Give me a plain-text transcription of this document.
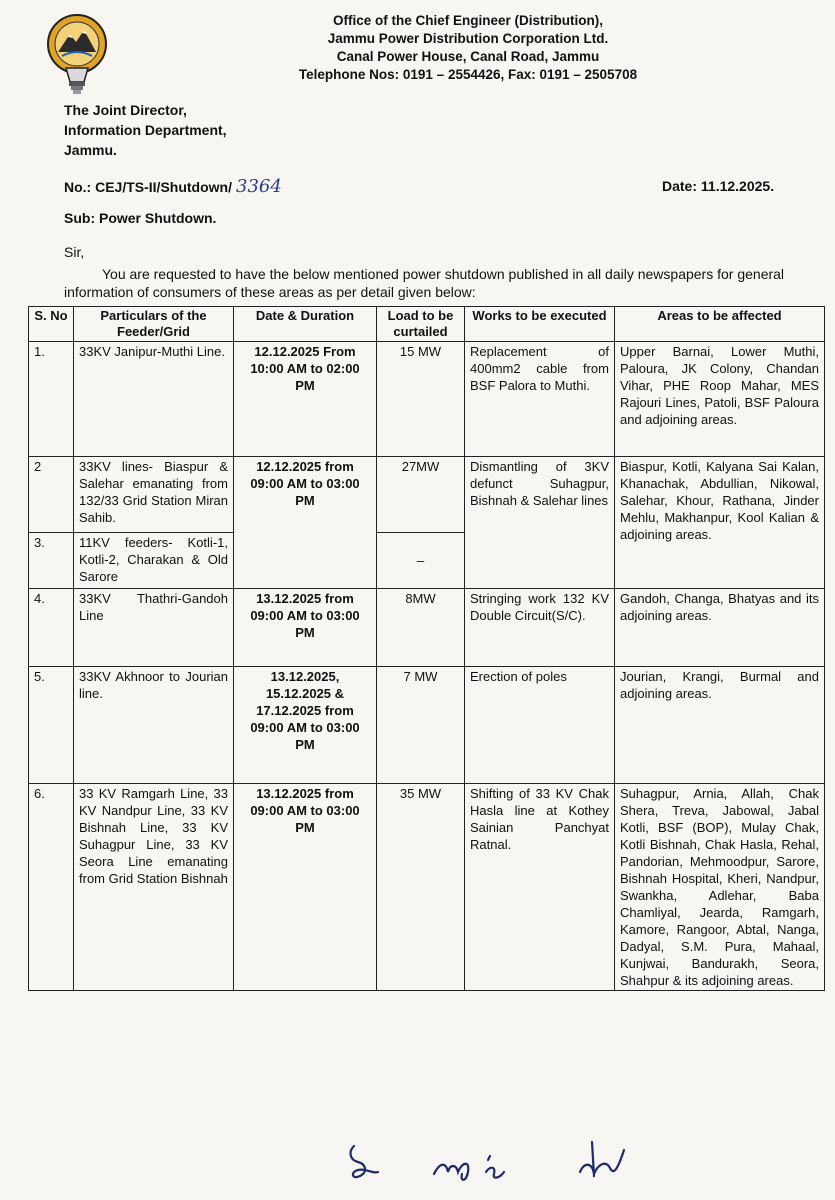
Office of the Chief Engineer (Distribution),
Jammu Power Distribution Corporation Ltd.
Canal Power House, Canal Road, Jammu
Telephone Nos: 0191 – 2554426, Fax: 0191 – 2505708
The Joint Director,
Information Department,
Jammu.
No.: CEJ/TS-II/Shutdown/ 3364	Date: 11.12.2025.
Sub: Power Shutdown.
Sir,
You are requested to have the below mentioned power shutdown published in all daily newspapers for general information of consumers of these areas as per detail given below:
S. No	Particulars of the Feeder/Grid	Date & Duration	Load to be curtailed	Works to be executed	Areas to be affected
1.	33KV Janipur-Muthi Line.	12.12.2025 From 10:00 AM to 02:00 PM	15 MW	Replacement of 400mm2 cable from BSF Palora to Muthi.	Upper Barnai, Lower Muthi, Paloura, JK Colony, Chandan Vihar, PHE Roop Mahar, MES Rajouri Lines, Patoli, BSF Paloura and adjoining areas.
2	33KV lines- Biaspur & Salehar emanating from 132/33 Grid Station Miran Sahib.	12.12.2025 from 09:00 AM to 03:00 PM	27MW	Dismantling of 3KV defunct Suhagpur, Bishnah & Salehar lines	Biaspur, Kotli, Kalyana Sai Kalan, Khanachak, Abdullian, Nikowal, Salehar, Khour, Rathana, Jinder Mehlu, Makhanpur, Kool Kalian & adjoining areas.
3.	11KV feeders- Kotli-1, Kotli-2, Charakan & Old Sarore		–		
4.	33KV Thathri-Gandoh Line	13.12.2025 from 09:00 AM to 03:00 PM	8MW	Stringing work 132 KV Double Circuit(S/C).	Gandoh, Changa, Bhatyas and its adjoining areas.
5.	33KV Akhnoor to Jourian line.	13.12.2025, 15.12.2025 & 17.12.2025 from 09:00 AM to 03:00 PM	7 MW	Erection of poles	Jourian, Krangi, Burmal and adjoining areas.
6.	33 KV Ramgarh Line, 33 KV Nandpur Line, 33 KV Bishnah Line, 33 KV Suhagpur Line, 33 KV Seora Line emanating from Grid Station Bishnah	13.12.2025 from 09:00 AM to 03:00 PM	35 MW	Shifting of 33 KV Chak Hasla line at Kothey Sainian Panchyat Ratnal.	Suhagpur, Arnia, Allah, Chak Shera, Treva, Jabowal, Jabal Kotli, BSF (BOP), Mulay Chak, Kotli Bishnah, Chak Hasla, Rehal, Pandorian, Mehmoodpur, Sarore, Bishnah Hospital, Kheri, Nandpur, Swankha, Adlehar, Baba Chamliyal, Jearda, Ramgarh, Kamore, Rangoor, Abtal, Nanga, Dadyal, S.M. Pura, Mahaal, Kunjwai, Bandurakh, Seora, Shahpur & its adjoining areas.
